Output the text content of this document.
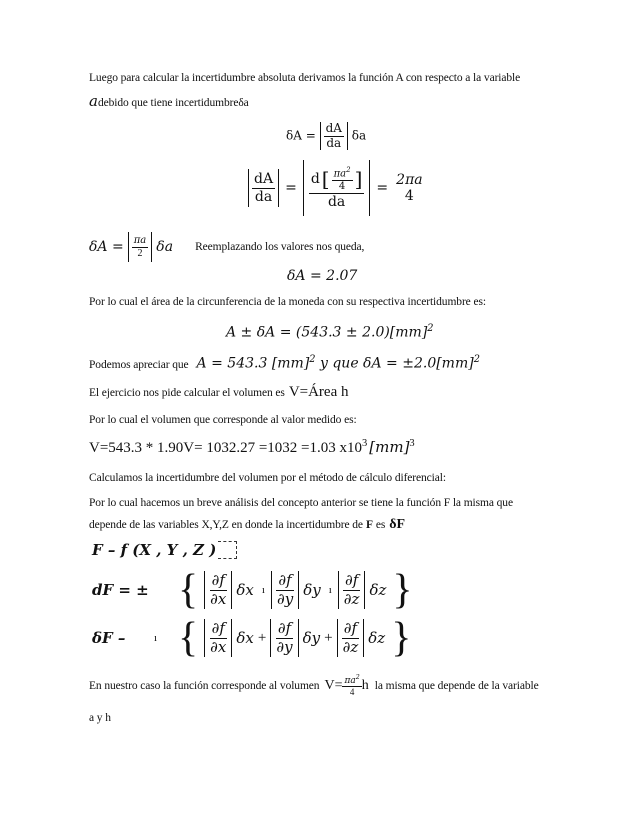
Luego para calcular la incertidumbre absoluta derivamos la función A con respecto a la variable
adebido que tiene incertidumbreδa
$\delta A = \frac{dA}{da}$ δa
$\frac{dA}{da} = \frac{d [ \frac{\pi a^2}{4} ]}{da}$ =
2πa
4
$\delta A = \frac{\pi a}{2}$ δa Reemplazando los valores nos queda,
δA = 2.07
Por lo cual el área de la circunferencia de la moneda con su respectiva incertidumbre es:
A ± δA = (543.3 ± 2.0)[mm]$^2$
Podemos apreciar que A = 543.3 [mm]$^2$ y que δA = ±2.0[mm]$^2$
El ejercicio nos pide calcular el volumen es V=Área h
Por lo cual el volumen que corresponde al valor medido es:
V=543.3 * 1.90V= 1032.27 =1032 =1.03 $x10^3$ [mm]$^3$
Calculamos la incertidumbre del volumen por el método de cálculo diferencial:
Por lo cual hacemos un breve análisis del concepto anterior se tiene la función F la misma que
depende de las variables X,Y,Z en donde la incertidumbre de F es δF
F – f (X , Y , Z )
dF = ± { $\frac{\partial f}{\partial x}$ δx ı $\frac{\partial f}{\partial y}$ δy ı $\frac{\partial f}{\partial z}$ δz }
δF –	ı { $\frac{\partial f}{\partial x}$ $\delta x + \frac{\partial f}{\partial y}$ $\delta y + \frac{\partial f}{\partial z}$ δz }
En nuestro caso la función corresponde al volumen $V= \frac{\pi a^2}{4}$ h la misma que depende de la variable
a y h
